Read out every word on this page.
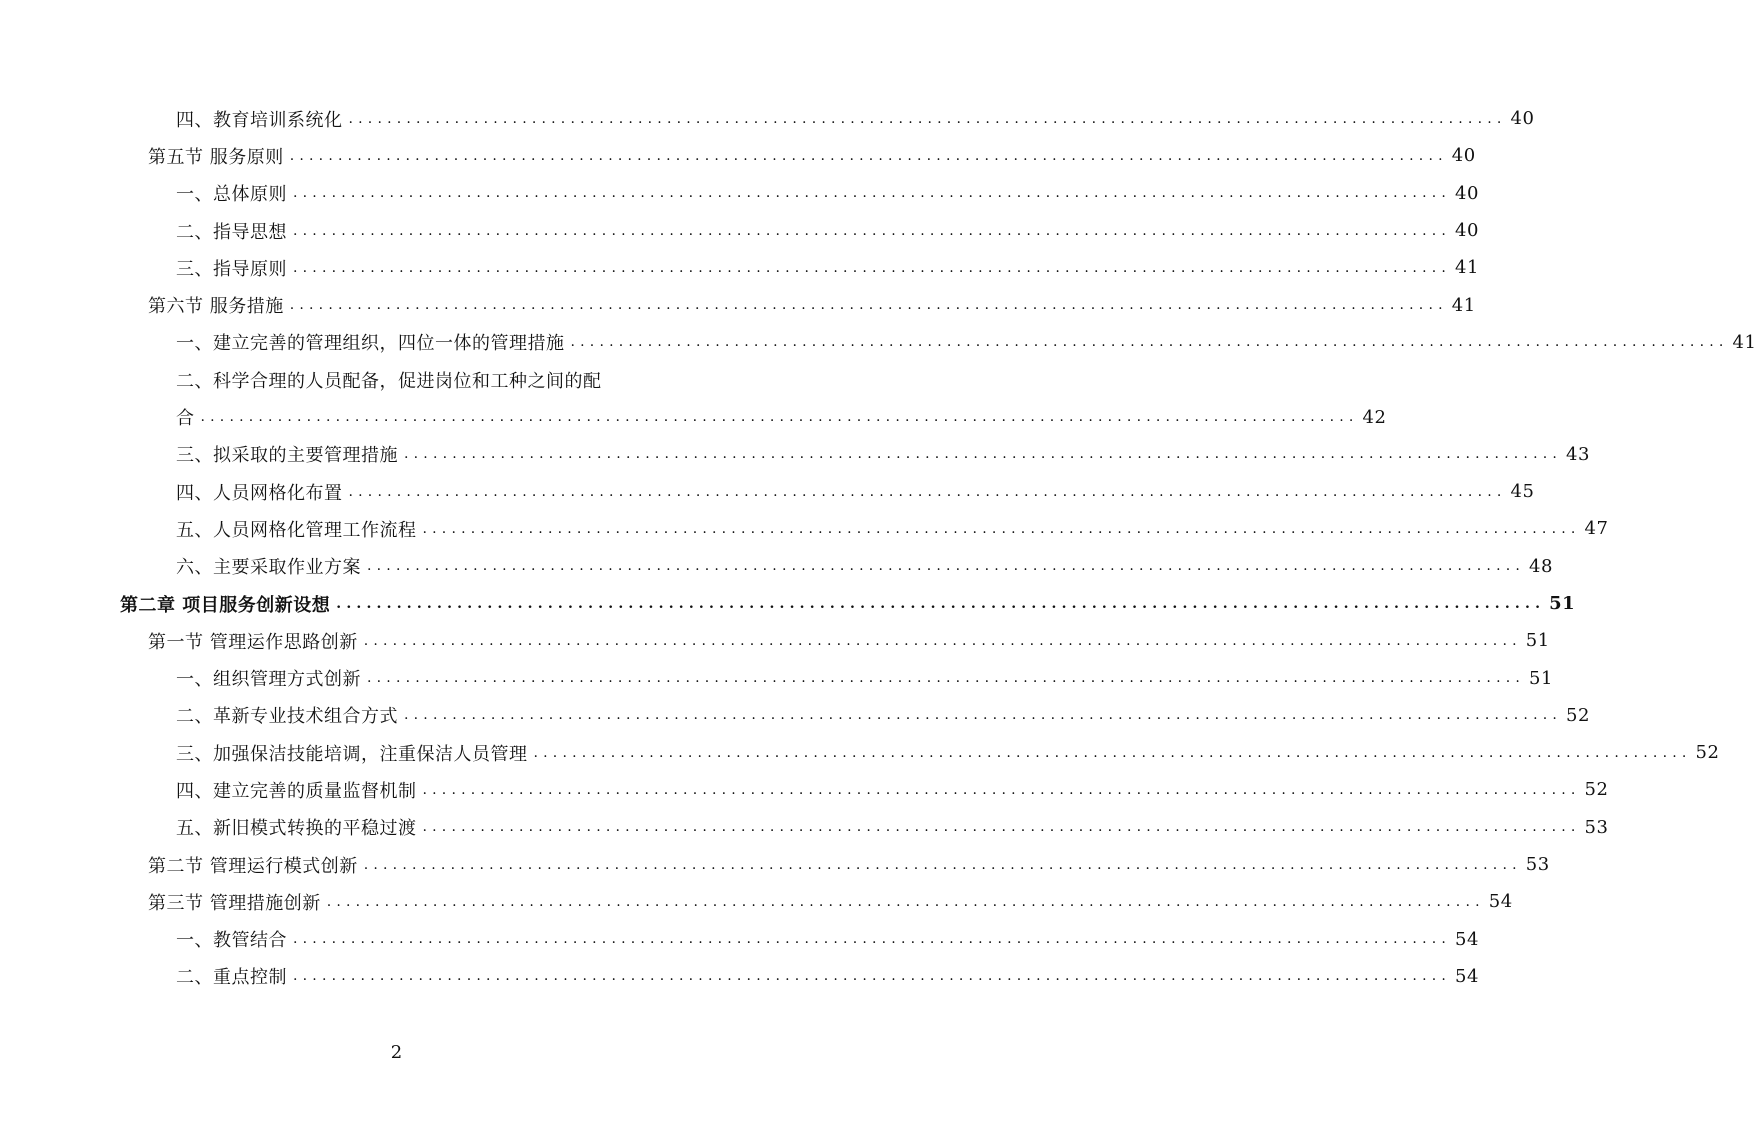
四、教育培训系统化 ........................................................................................................................ 40
第五节 服务原则 ........................................................................................................................ 40
一、总体原则 ........................................................................................................................ 40
二、指导思想 ........................................................................................................................ 40
三、指导原则 ........................................................................................................................ 41
第六节 服务措施 ........................................................................................................................ 41
一、建立完善的管理组织，四位一体的管理措施 ........................................................................................................................ 41
二、科学合理的人员配备，促进岗位和工种之间的配
合 ........................................................................................................................ 42
三、拟采取的主要管理措施 ........................................................................................................................ 43
四、人员网格化布置 ........................................................................................................................ 45
五、人员网格化管理工作流程 ........................................................................................................................ 47
六、主要采取作业方案 ........................................................................................................................ 48
第二章 项目服务创新设想 ........................................................................................................................ 51
第一节 管理运作思路创新 ........................................................................................................................ 51
一、组织管理方式创新 ........................................................................................................................ 51
二、革新专业技术组合方式 ........................................................................................................................ 52
三、加强保洁技能培调，注重保洁人员管理 ........................................................................................................................ 52
四、建立完善的质量监督机制 ........................................................................................................................ 52
五、新旧模式转换的平稳过渡 ........................................................................................................................ 53
第二节 管理运行模式创新 ........................................................................................................................ 53
第三节 管理措施创新 ........................................................................................................................ 54
一、教管结合 ........................................................................................................................ 54
二、重点控制 ........................................................................................................................ 54
2
